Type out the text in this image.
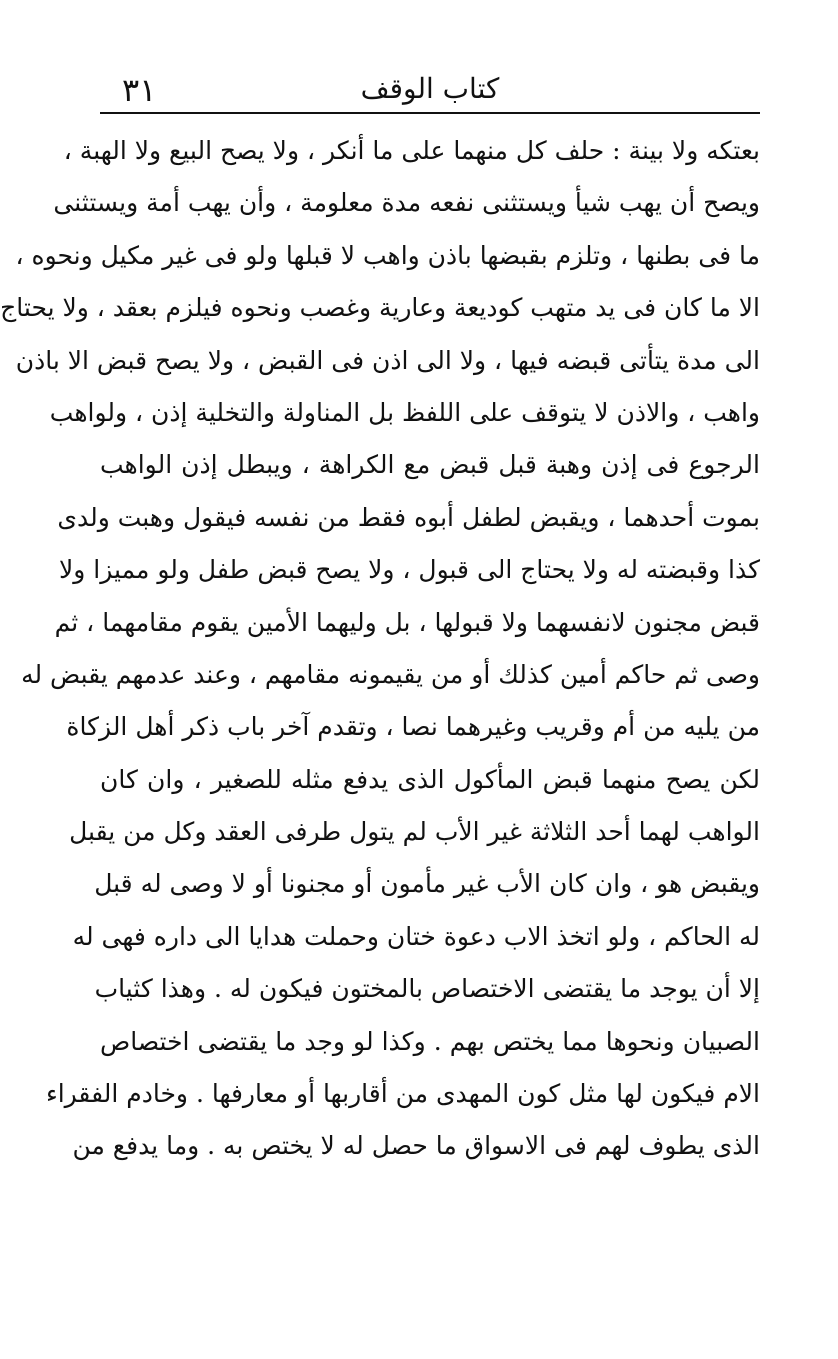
٣١	كتاب الوقف
بعتكه ولا بينة : حلف كل منهما على ما أنكر ، ولا يصح البيع ولا الهبة ،
ويصح أن يهب شيأ ويستثنى نفعه مدة معلومة ، وأن يهب أمة ويستثنى
ما فى بطنها ، وتلزم بقبضها باذن واهب لا قبلها ولو فى غير مكيل ونحوه ،
الا ما كان فى يد متهب كوديعة وعارية وغصب ونحوه فيلزم بعقد ، ولا يحتاج
الى مدة يتأتى قبضه فيها ، ولا الى اذن فى القبض ، ولا يصح قبض الا باذن
واهب ، والاذن لا يتوقف على اللفظ بل المناولة والتخلية إذن ، ولواهب
الرجوع فى إذن وهبة قبل قبض مع الكراهة ، ويبطل إذن الواهب
بموت أحدهما ، ويقبض لطفل أبوه فقط من نفسه فيقول وهبت ولدى
كذا وقبضته له ولا يحتاج الى قبول ، ولا يصح قبض طفل ولو مميزا ولا
قبض مجنون لانفسهما ولا قبولها ، بل وليهما الأمين يقوم مقامهما ، ثم
وصى ثم حاكم أمين كذلك أو من يقيمونه مقامهم ، وعند عدمهم يقبض له
من يليه من أم وقريب وغيرهما نصا ، وتقدم آخر باب ذكر أهل الزكاة
لكن يصح منهما قبض المأكول الذى يدفع مثله للصغير ، وان كان
الواهب لهما أحد الثلاثة غير الأب لم يتول طرفى العقد وكل من يقبل
ويقبض هو ، وان كان الأب غير مأمون أو مجنونا أو لا وصى له قبل
له الحاكم ، ولو اتخذ الاب دعوة ختان وحملت هدايا الى داره فهى له
إلا أن يوجد ما يقتضى الاختصاص بالمختون فيكون له . وهذا كثياب
الصبيان ونحوها مما يختص بهم . وكذا لو وجد ما يقتضى اختصاص
الام فيكون لها مثل كون المهدى من أقاربها أو معارفها . وخادم الفقراء
الذى يطوف لهم فى الاسواق ما حصل له لا يختص به . وما يدفع من
